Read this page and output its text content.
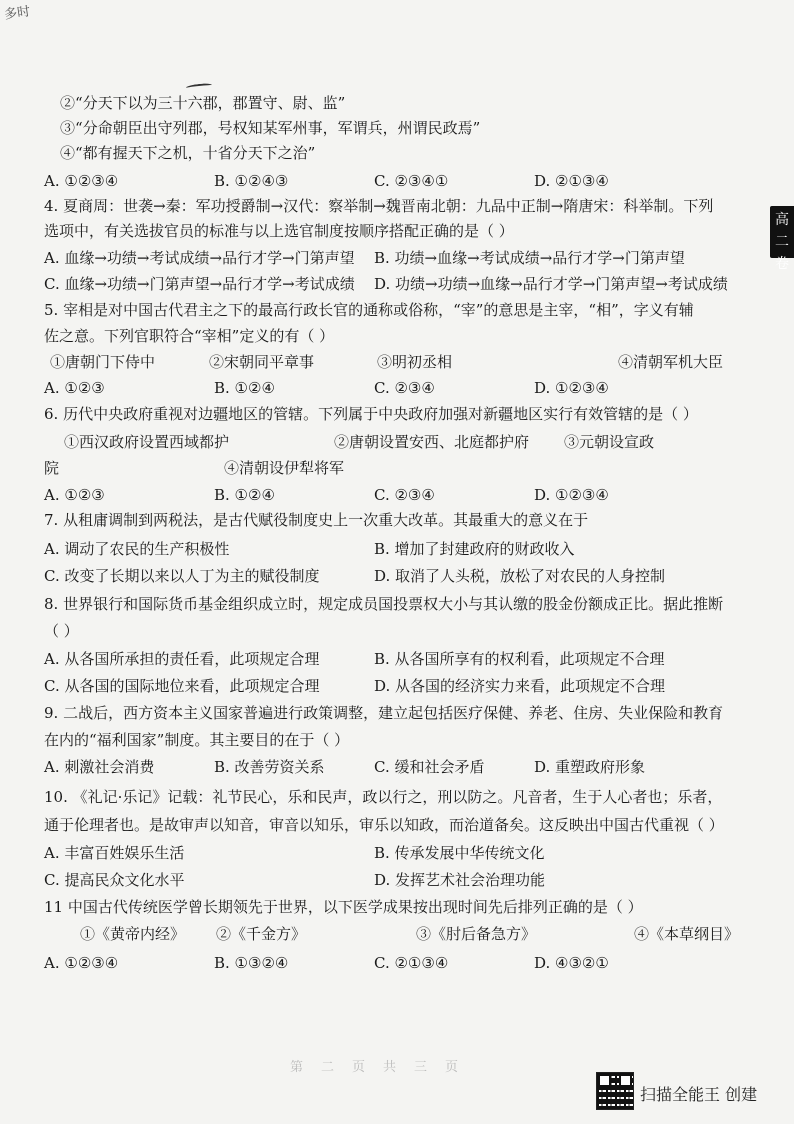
多时
高二
卷
②“分天下以为三十六郡，郡置守、尉、监”
③“分命朝臣出守列郡，号权知某军州事，军谓兵，州谓民政焉”
④“都有握天下之机，十省分天下之治”
A. ①②③④	B. ①②④③	C. ②③④①	D. ②①③④
4. 夏商周：世袭→秦：军功授爵制→汉代：察举制→魏晋南北朝：九品中正制→隋唐宋：科举制。下列
选项中，有关选拔官员的标准与以上选官制度按顺序搭配正确的是（ ）
A. 血缘→功绩→考试成绩→品行才学→门第声望 B. 功绩→血缘→考试成绩→品行才学→门第声望
C. 血缘→功绩→门第声望→品行才学→考试成绩 D. 功绩→功绩→血缘→品行才学→门第声望→考试成绩
5. 宰相是对中国古代君主之下的最高行政长官的通称或俗称，“宰”的意思是主宰，“相”，字义有辅
佐之意。下列官职符合“宰相”定义的有（ ）
①唐朝门下侍中	②宋朝同平章事	③明初丞相	④清朝军机大臣
A. ①②③	B. ①②④	C. ②③④	D. ①②③④
6. 历代中央政府重视对边疆地区的管辖。下列属于中央政府加强对新疆地区实行有效管辖的是（ ）
①西汉政府设置西域都护	②唐朝设置安西、北庭都护府 ③元朝设宣政
院	④清朝设伊犁将军
A. ①②③	B. ①②④	C. ②③④	D. ①②③④
7. 从租庸调制到两税法，是古代赋役制度史上一次重大改革。其最重大的意义在于
A. 调动了农民的生产积极性	B. 增加了封建政府的财政收入
C. 改变了长期以来以人丁为主的赋役制度	D. 取消了人头税，放松了对农民的人身控制
8. 世界银行和国际货币基金组织成立时，规定成员国投票权大小与其认缴的股金份额成正比。据此推断
（ ）
A. 从各国所承担的责任看，此项规定合理	B. 从各国所享有的权利看，此项规定不合理
C. 从各国的国际地位来看，此项规定合理	D. 从各国的经济实力来看，此项规定不合理
9. 二战后，西方资本主义国家普遍进行政策调整，建立起包括医疗保健、养老、住房、失业保险和教育
在内的“福利国家”制度。其主要目的在于（ ）
A. 刺激社会消费	B. 改善劳资关系	C. 缓和社会矛盾	D. 重塑政府形象
10. 《礼记·乐记》记载：礼节民心，乐和民声，政以行之，刑以防之。凡音者，生于人心者也；乐者，
通于伦理者也。是故审声以知音，审音以知乐，审乐以知政，而治道备矣。这反映出中国古代重视（ ）
A. 丰富百姓娱乐生活	B. 传承发展中华传统文化
C. 提高民众文化水平	D. 发挥艺术社会治理功能
11 中国古代传统医学曾长期领先于世界，以下医学成果按出现时间先后排列正确的是（ ）
①《黄帝内经》 ②《千金方》	③《肘后备急方》	④《本草纲目》
A. ①②③④	B. ①③②④	C. ②①③④	D. ④③②①
第二页共三页
扫描全能王 创建
